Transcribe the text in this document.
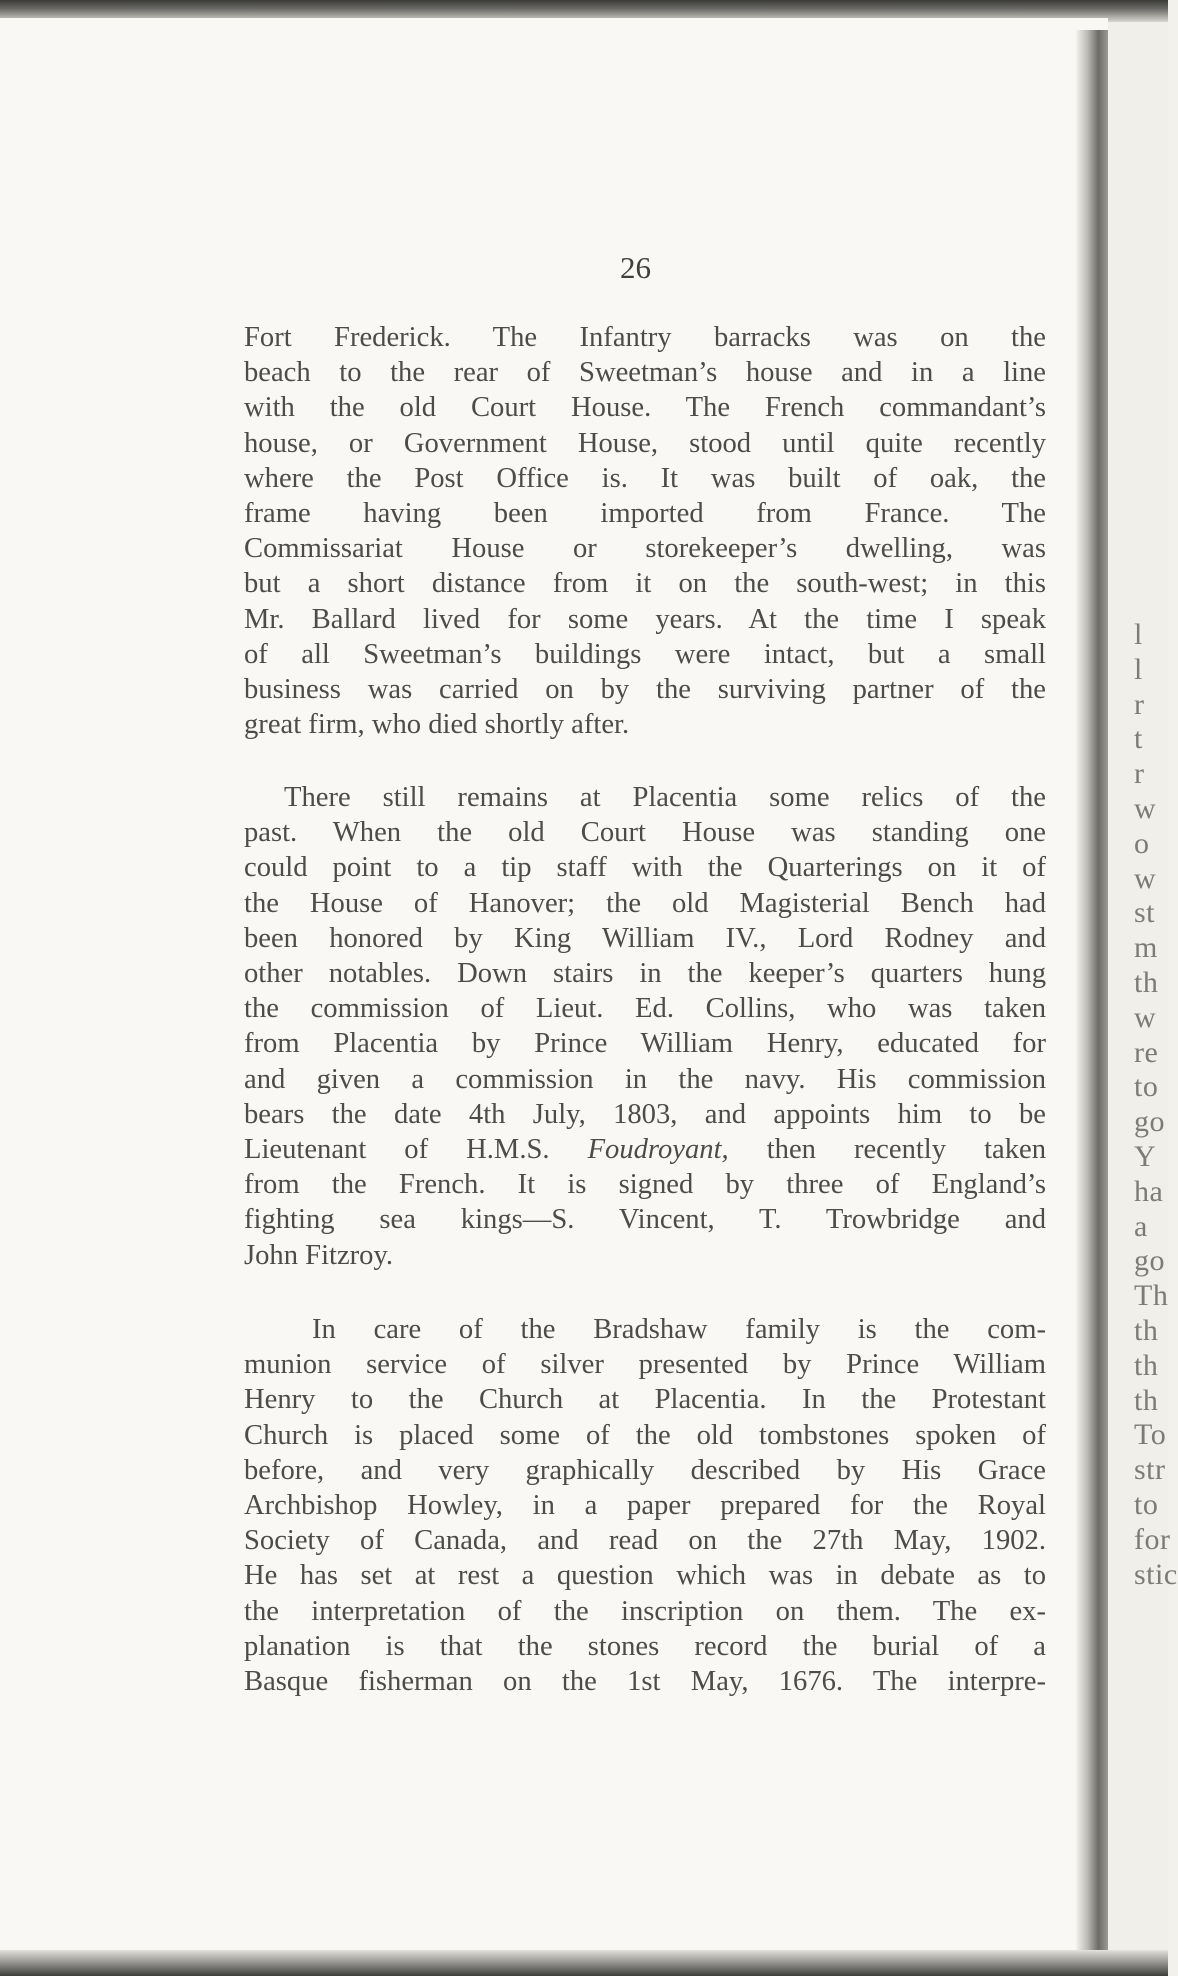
l
l
r
t
r
w
o
w
st
m
th
w
re
to
go
Y
ha
a
go
Th
th
th
th
To
str
to
for
stic
26
Fort Frederick. The Infantry barracks was on the
beach to the rear of Sweetman’s house and in a line
with the old Court House. The French commandant’s
house, or Government House, stood until quite recently
where the Post Office is. It was built of oak, the
frame having been imported from France. The
Commissariat House or storekeeper’s dwelling, was
but a short distance from it on the south-west; in this
Mr. Ballard lived for some years. At the time I speak
of all Sweetman’s buildings were intact, but a small
business was carried on by the surviving partner of the
great firm, who died shortly after.
There still remains at Placentia some relics of the
past. When the old Court House was standing one
could point to a tip staff with the Quarterings on it of
the House of Hanover; the old Magisterial Bench had
been honored by King William IV., Lord Rodney and
other notables. Down stairs in the keeper’s quarters hung
the commission of Lieut. Ed. Collins, who was taken
from Placentia by Prince William Henry, educated for
and given a commission in the navy. His commission
bears the date 4th July, 1803, and appoints him to be
Lieutenant of H.M.S. Foudroyant, then recently taken
from the French. It is signed by three of England’s
fighting sea kings—S. Vincent, T. Trowbridge and
John Fitzroy.
In care of the Bradshaw family is the com-
munion service of silver presented by Prince William
Henry to the Church at Placentia. In the Protestant
Church is placed some of the old tombstones spoken of
before, and very graphically described by His Grace
Archbishop Howley, in a paper prepared for the Royal
Society of Canada, and read on the 27th May, 1902.
He has set at rest a question which was in debate as to
the interpretation of the inscription on them. The ex-
planation is that the stones record the burial of a
Basque fisherman on the 1st May, 1676. The interpre-
